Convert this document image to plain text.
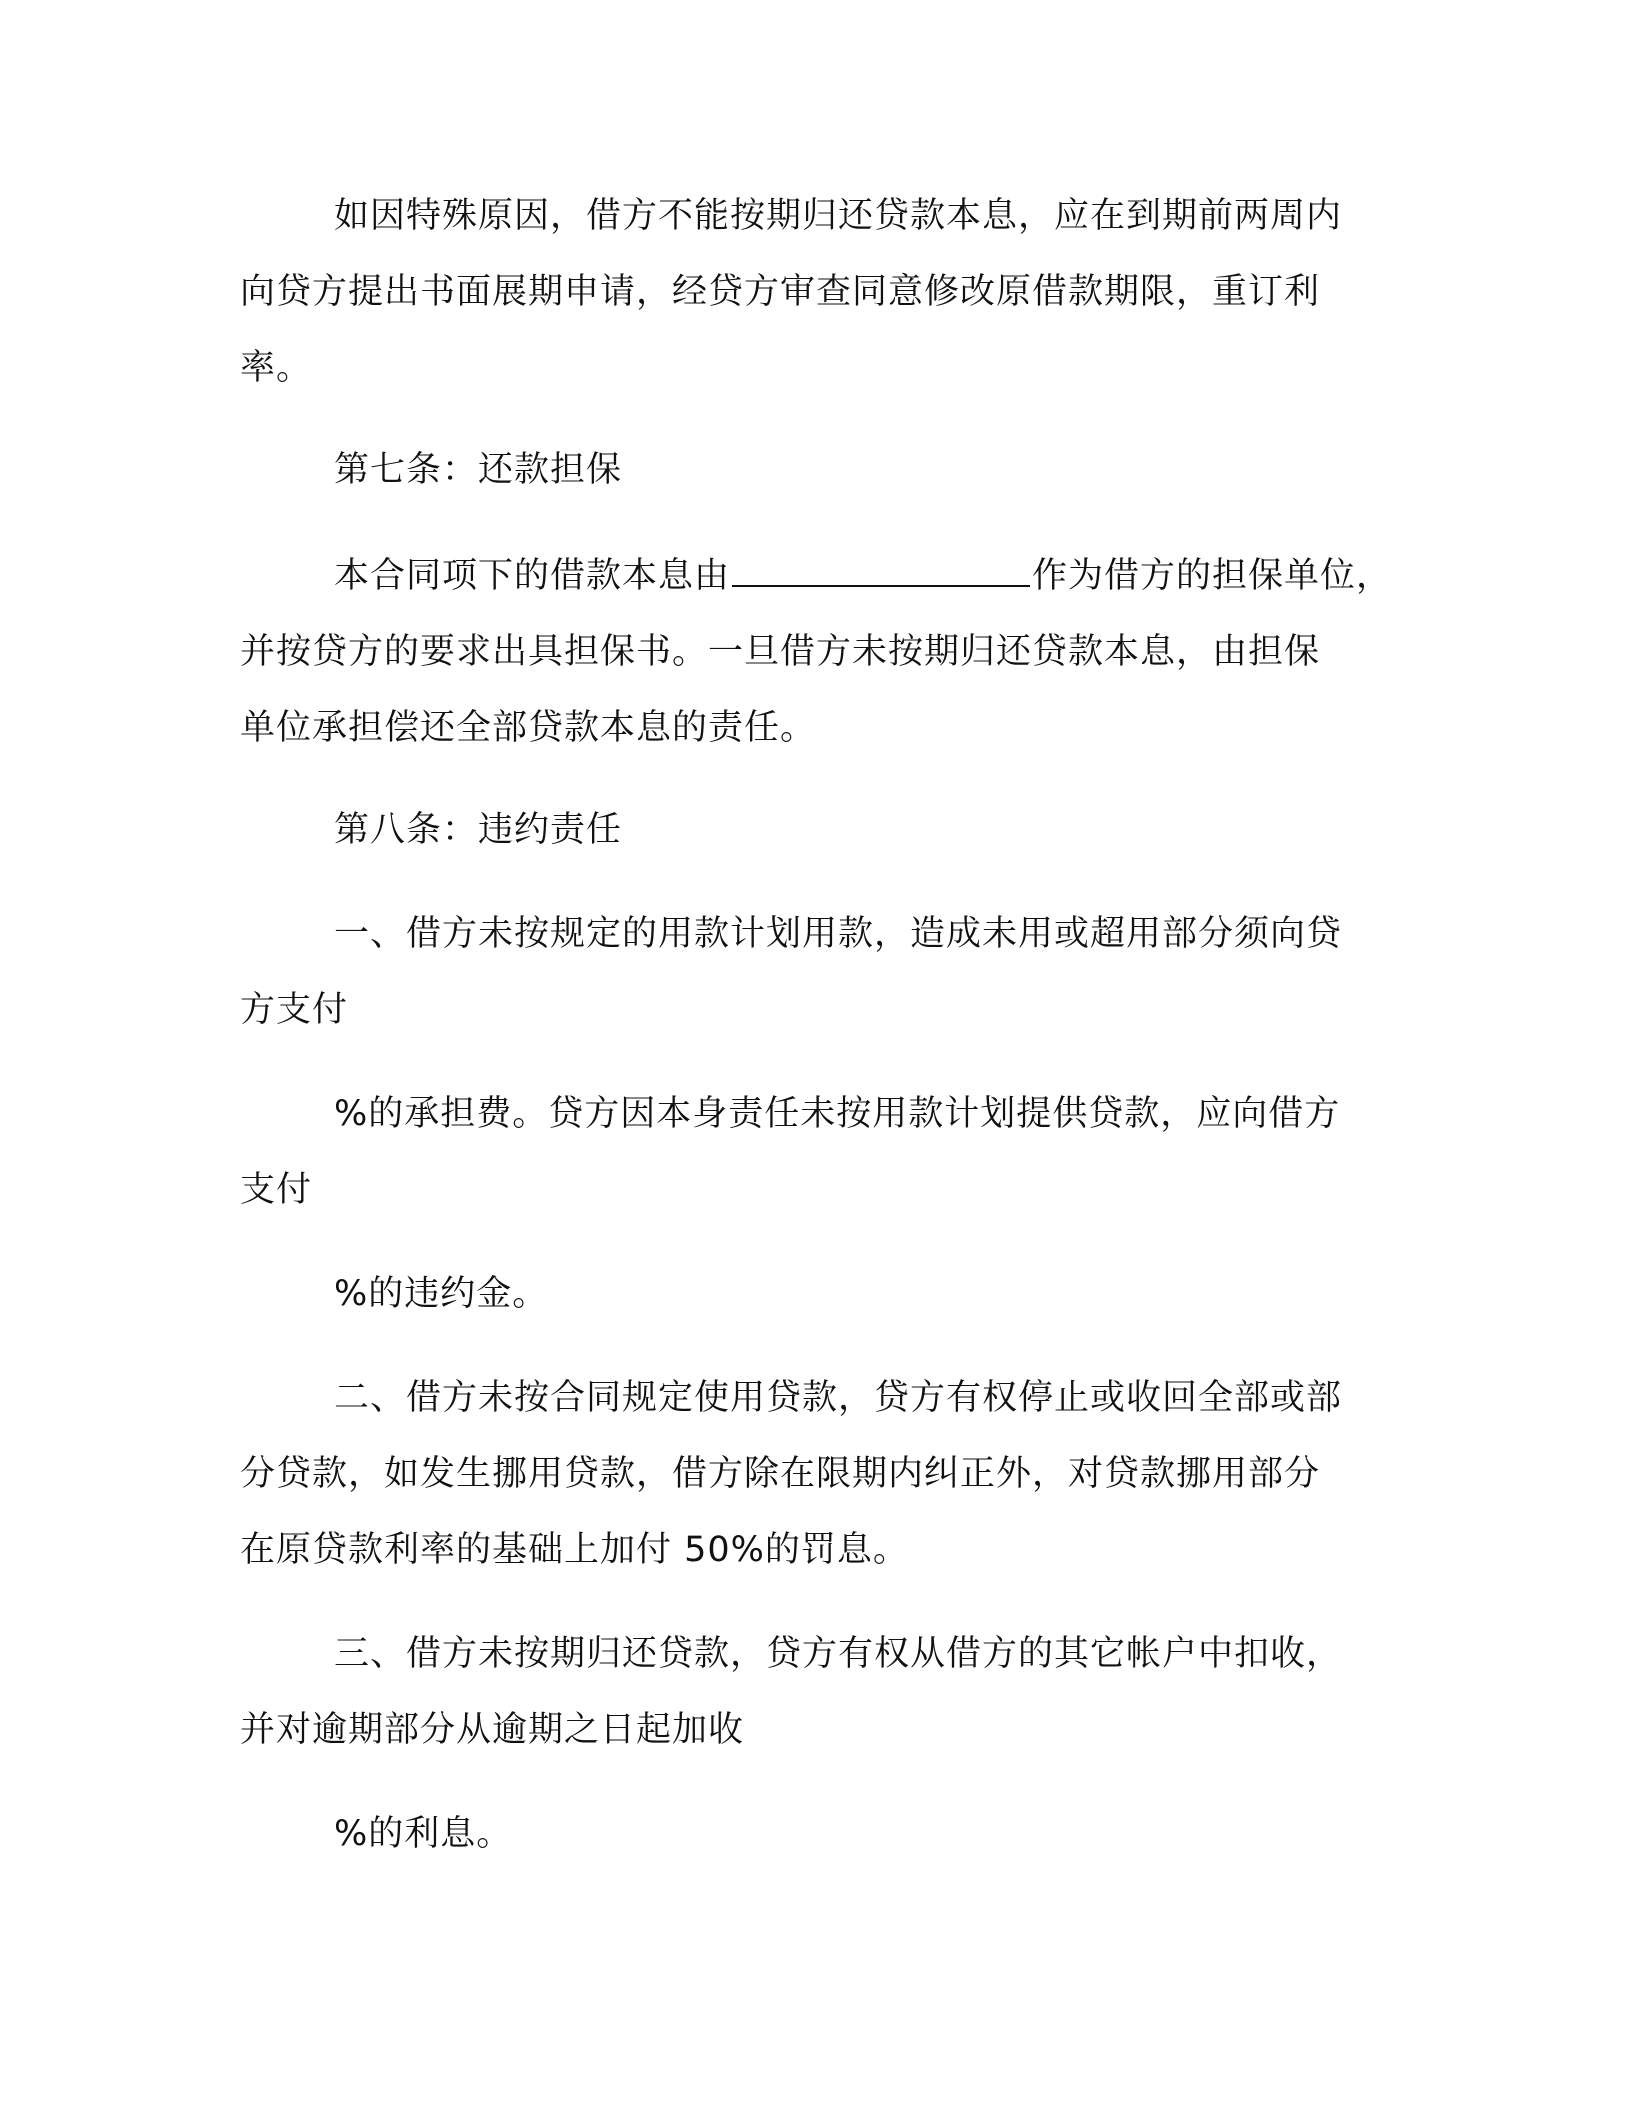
如因特殊原因，借方不能按期归还贷款本息，应在到期前两周内

向贷方提出书面展期申请，经贷方审查同意修改原借款期限，重订利

率。

第七条：还款担保

本合同项下的借款本息由	作为借方的担保单位，

并按贷方的要求出具担保书。一旦借方未按期归还贷款本息，由担保

单位承担偿还全部贷款本息的责任。

第八条：违约责任

一、借方未按规定的用款计划用款，造成未用或超用部分须向贷

方支付

%的承担费。贷方因本身责任未按用款计划提供贷款，应向借方

支付

%的违约金。

二、借方未按合同规定使用贷款，贷方有权停止或收回全部或部

分贷款，如发生挪用贷款，借方除在限期内纠正外，对贷款挪用部分

在原贷款利率的基础上加付 50%的罚息。

三、借方未按期归还贷款，贷方有权从借方的其它帐户中扣收，

并对逾期部分从逾期之日起加收

%的利息。
